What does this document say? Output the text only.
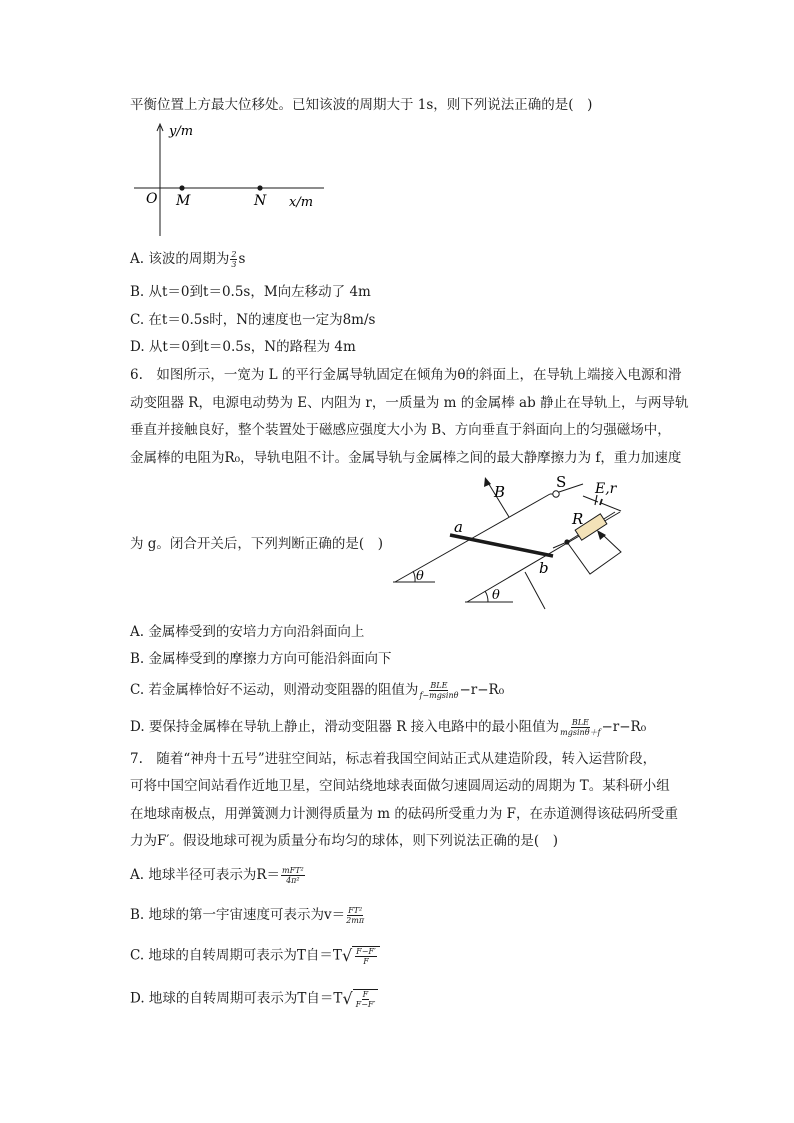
平衡位置上方最大位移处。已知该波的周期大于 1s，则下列说法正确的是(　)
y/m
O M	N x/m
A. 该波的周期为 $\frac{2}{3}$ s
B. 从t＝0到t＝0.5s，M向左移动了 4m
C. 在t＝0.5s时，N的速度也一定为8m/s
D. 从t＝0到t＝0.5s，N的路程为 4m
6.　如图所示，一宽为 L 的平行金属导轨固定在倾角为θ的斜面上，在导轨上端接入电源和滑
动变阻器 R，电源电动势为 E、内阻为 r，一质量为 m 的金属棒 ab 静止在导轨上，与两导轨
垂直并接触良好，整个装置处于磁感应强度大小为 B、方向垂直于斜面向上的匀强磁场中，
金属棒的电阻为R₀，导轨电阻不计。金属导轨与金属棒之间的最大静摩擦力为 f，重力加速度
为 g。闭合开关后，下列判断正确的是(　)
B
S E,r
R
a
b
θ
θ
A. 金属棒受到的安培力方向沿斜面向上
B. 金属棒受到的摩擦力方向可能沿斜面向下
C. 若金属棒恰好不运动，则滑动变阻器的阻值为 $\frac{\text{BLE}}{f-mgsin\theta} -r-R_0$
D. 要保持金属棒在导轨上静止，滑动变阻器 R 接入电路中的最小阻值为 $\frac{\text{BLE}}{mgsin\theta+f} -r-R_0$
7.　随着“神舟十五号”进驻空间站，标志着我国空间站正式从建造阶段，转入运营阶段，
可将中国空间站看作近地卫星，空间站绕地球表面做匀速圆周运动的周期为 T。某科研小组
在地球南极点，用弹簧测力计测得质量为 m 的砝码所受重力为 F，在赤道测得该砝码所受重
力为F′。假设地球可视为质量分布均匀的球体，则下列说法正确的是(　)
A. 地球半径可表示为$R= \frac{\text{mFT²}}{\text{4π²}}$
B. 地球的第一宇宙速度可表示为$v= \frac{\text{FT²}}{2m\pi}$
C. 地球的自转周期可表示为T自$=T√ \frac{F-F'}{F}$
D. 地球的自转周期可表示为T自$=T√ \frac{F}{F-F'}$
